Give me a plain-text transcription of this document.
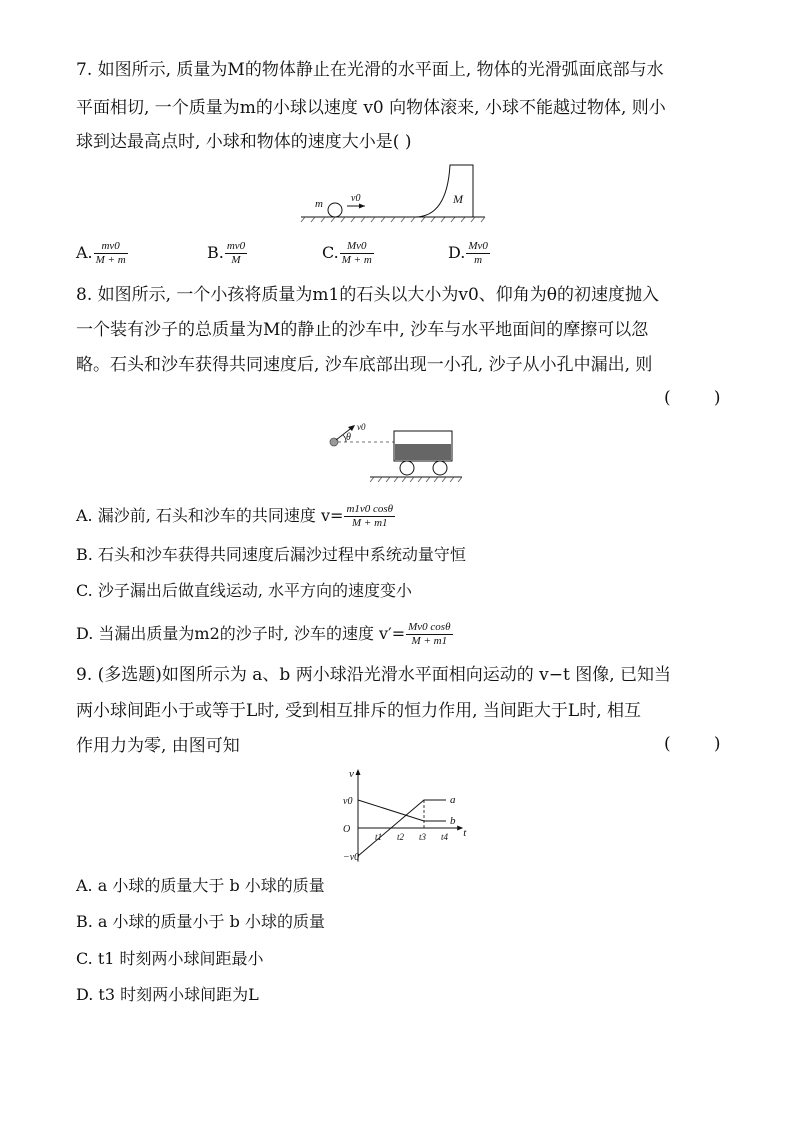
7. 如图所示, 质量为M的物体静止在光滑的水平面上, 物体的光滑弧面底部与水
平面相切, 一个质量为m的小球以速度 v0 向物体滚来, 小球不能越过物体, 则小
球到达最高点时, 小球和物体的速度大小是( )
m	v0	M
A. $\frac{mv0}{M + m}$	B. $\frac{mv0}{M}$	C. $\frac{Mv0}{M + m}$	D. $\frac{Mv0}{m}$
8. 如图所示, 一个小孩将质量为m1的石头以大小为v0、仰角为θ的初速度抛入
一个装有沙子的总质量为M的静止的沙车中, 沙车与水平地面间的摩擦可以忽
略。石头和沙车获得共同速度后, 沙车底部出现一小孔, 沙子从小孔中漏出, 则
(        )
v0
θ
A. 漏沙前, 石头和沙车的共同速度 $v= \frac{m1v0 \cos\theta}{M + m1}$
B. 石头和沙车获得共同速度后漏沙过程中系统动量守恒
C. 沙子漏出后做直线运动, 水平方向的速度变小
D. 当漏出质量为m2的沙子时, 沙车的速度 $v'= \frac{Mv0 \cos\theta}{M + m1}$
9. (多选题)如图所示为 a、b 两小球沿光滑水平面相向运动的 v−t 图像, 已知当
两小球间距小于或等于L时, 受到相互排斥的恒力作用, 当间距大于L时, 相互
作用力为零, 由图可知	(        )
a
b
v
t
v0
O
−v0
t1 t2 t3 t4
A. a 小球的质量大于 b 小球的质量
B. a 小球的质量小于 b 小球的质量
C. t1 时刻两小球间距最小
D. t3 时刻两小球间距为L
